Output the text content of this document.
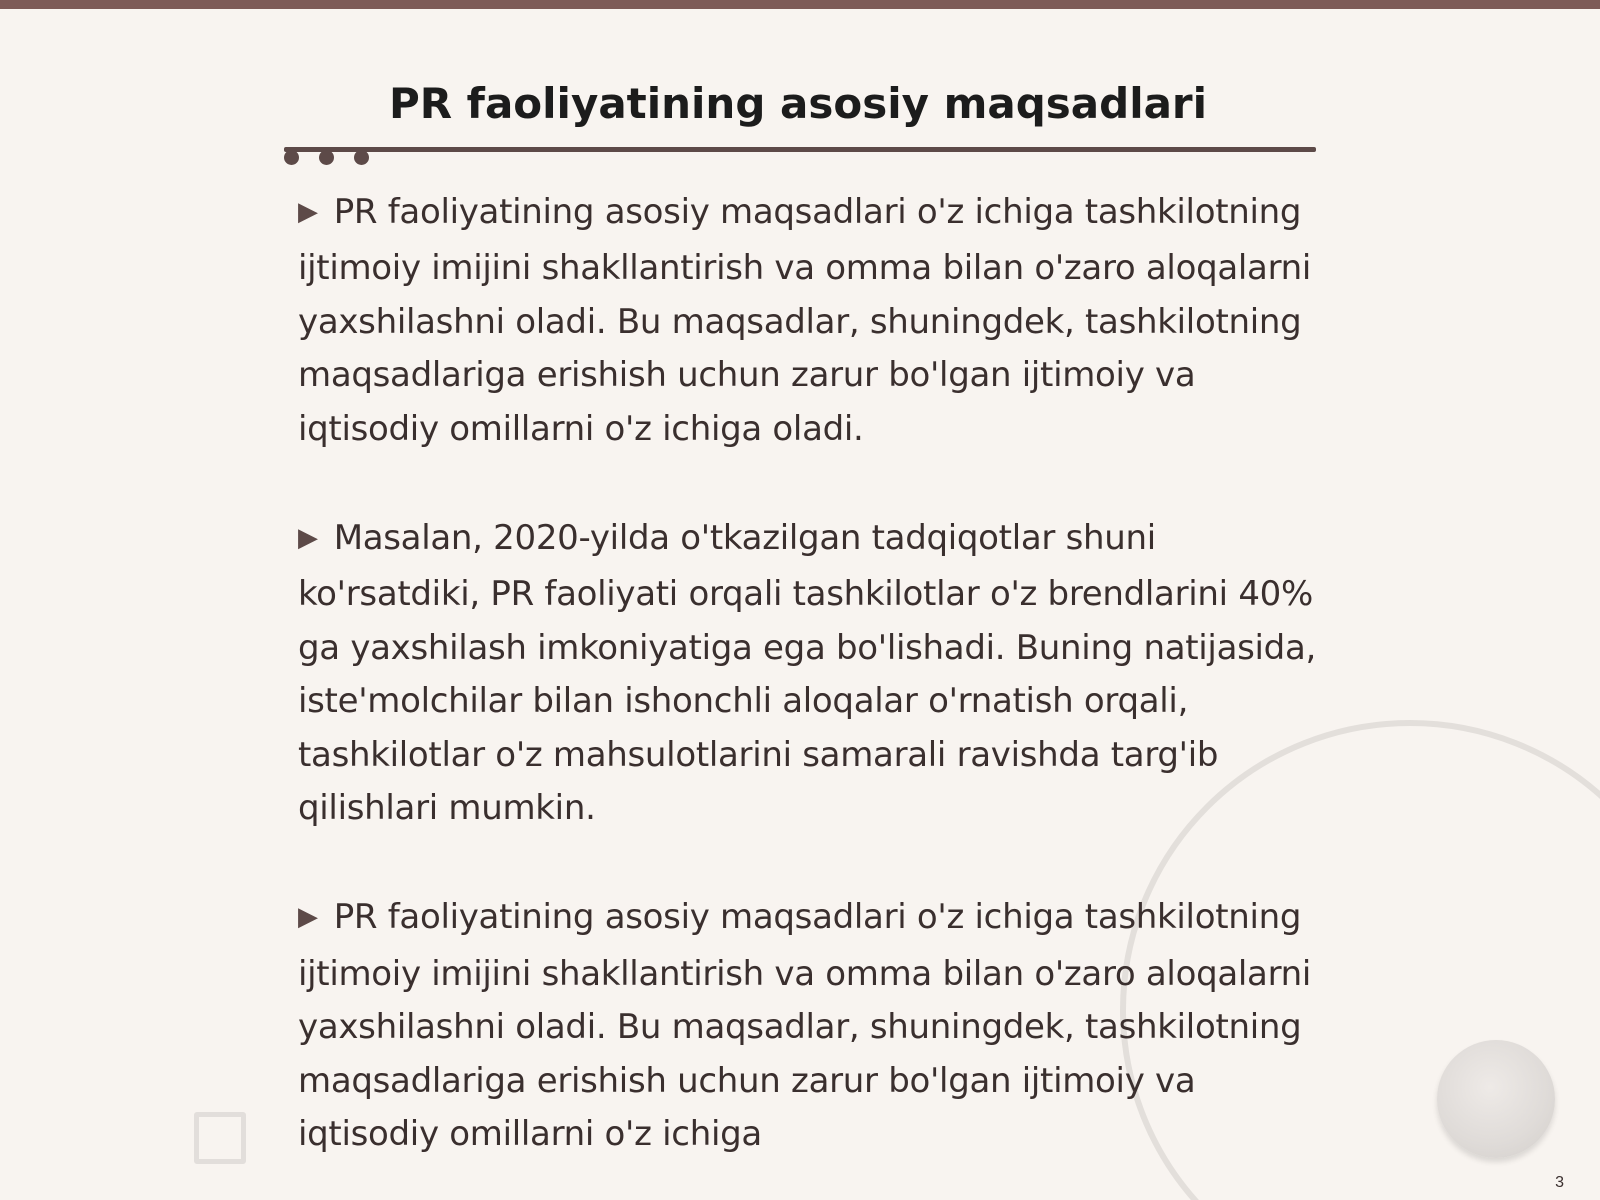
PR faoliyatining asosiy maqsadlari

▶ PR faoliyatining asosiy maqsadlari o'z ichiga tashkilotning ijtimoiy imijini shakllantirish va omma bilan o'zaro aloqalarni yaxshilashni oladi. Bu maqsadlar, shuningdek, tashkilotning maqsadlariga erishish uchun zarur bo'lgan ijtimoiy va iqtisodiy omillarni o'z ichiga oladi.

▶ Masalan, 2020-yilda o'tkazilgan tadqiqotlar shuni ko'rsatdiki, PR faoliyati orqali tashkilotlar o'z brendlarini 40% ga yaxshilash imkoniyatiga ega bo'lishadi. Buning natijasida, iste'molchilar bilan ishonchli aloqalar o'rnatish orqali, tashkilotlar o'z mahsulotlarini samarali ravishda targ'ib qilishlari mumkin.

▶ PR faoliyatining asosiy maqsadlari o'z ichiga tashkilotning ijtimoiy imijini shakllantirish va omma bilan o'zaro aloqalarni yaxshilashni oladi. Bu maqsadlar, shuningdek, tashkilotning maqsadlariga erishish uchun zarur bo'lgan ijtimoiy va iqtisodiy omillarni o'z ichiga

3
